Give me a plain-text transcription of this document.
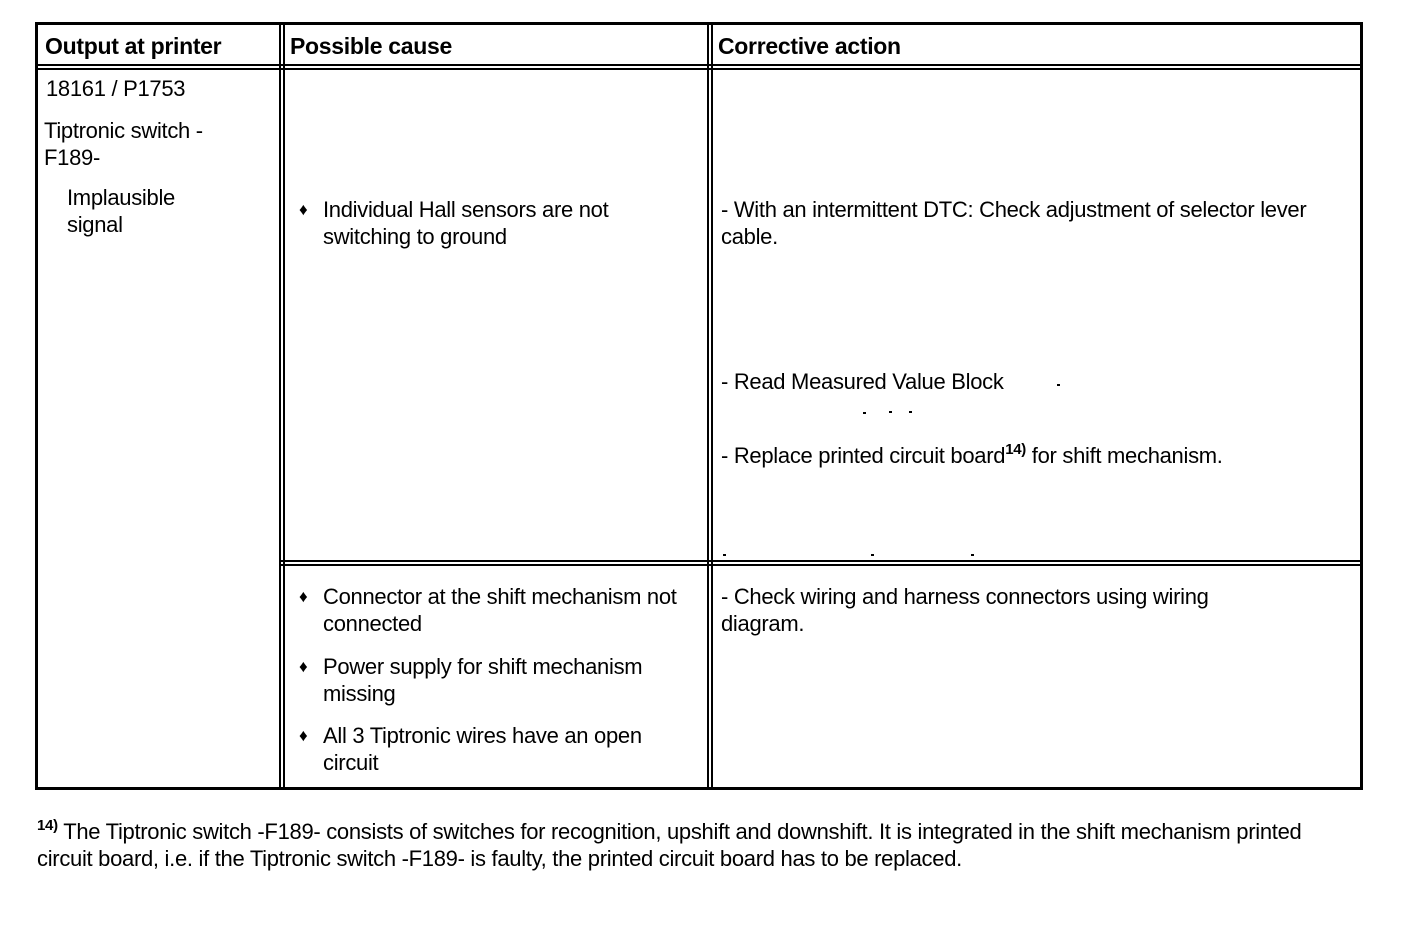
Output at printer	Possible cause	Corrective action
18161 / P1753
Tiptronic switch -F189-
Implausible signal
♦ Individual Hall sensors are not switching to ground
- With an intermittent DTC: Check adjustment of selector lever cable.
- Read Measured Value Block
- Replace printed circuit board$^{14)}$ for shift mechanism.
♦ Connector at the shift mechanism not connected
♦ Power supply for shift mechanism missing
♦ All 3 Tiptronic wires have an open circuit
- Check wiring and harness connectors using wiring diagram.
$^{14)}$ The Tiptronic switch -F189- consists of switches for recognition, upshift and downshift. It is integrated in the shift mechanism printed circuit board, i.e. if the Tiptronic switch -F189- is faulty, the printed circuit board has to be replaced.
